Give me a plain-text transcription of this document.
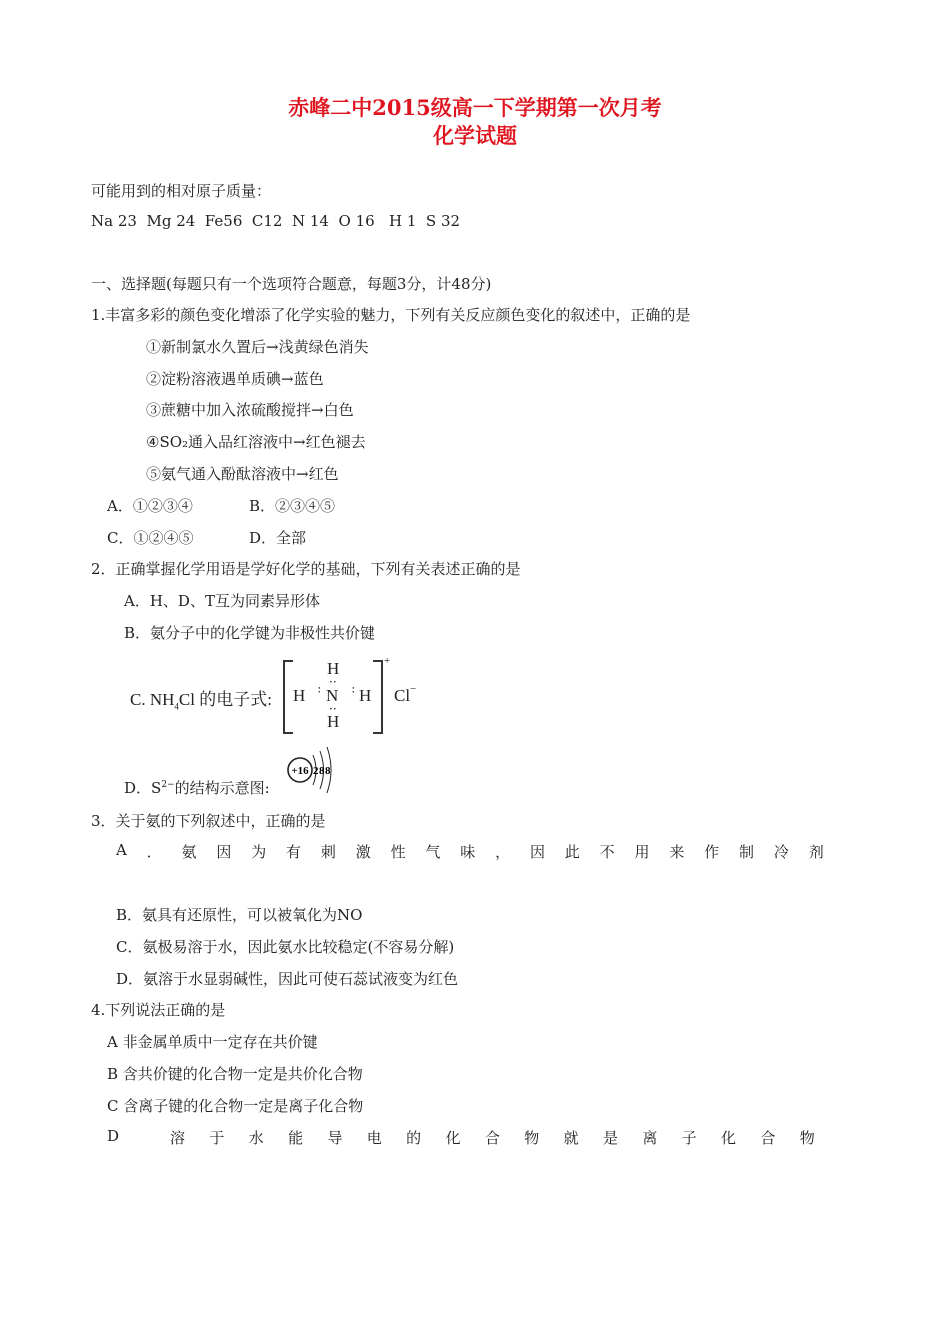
赤峰二中2015级高一下学期第一次月考
化学试题
可能用到的相对原子质量：
Na 23  Mg 24  Fe56  C12  N 14  O 16   H 1  S 32
一、选择题(每题只有一个选项符合题意，每题3分，计48分)
1.丰富多彩的颜色变化增添了化学实验的魅力，下列有关反应颜色变化的叙述中，正确的是
①新制氯水久置后→浅黄绿色消失
②淀粉溶液遇单质碘→蓝色
③蔗糖中加入浓硫酸搅拌→白色
④SO₂通入品红溶液中→红色褪去
⑤氨气通入酚酞溶液中→红色
A．①②③④	B．②③④⑤
C．①②④⑤	D．全部
2．正确掌握化学用语是学好化学的基础，下列有关表述正确的是
A．H、D、T互为同素异形体
B．氨分子中的化学键为非极性共价键
C. $NH_4Cl$ 的电子式:
H
··
H ·· N ·· H
··
H
+
Cl −
+16 288
D．$S^{2-}$的结构示意图:
3．关于氨的下列叙述中，正确的是
A ． 氨 因 为 有 刺 激 性 气 味 ， 因 此 不 用 来 作 制 冷 剂
B．氨具有还原性，可以被氧化为NO
C．氨极易溶于水，因此氨水比较稳定(不容易分解)
D．氨溶于水显弱碱性，因此可使石蕊试液变为红色
4.下列说法正确的是
A 非金属单质中一定存在共价键
B 含共价键的化合物一定是共价化合物
C 含离子键的化合物一定是离子化合物
D	溶 于 水 能 导 电 的 化 合 物 就 是 离 子 化 合 物
